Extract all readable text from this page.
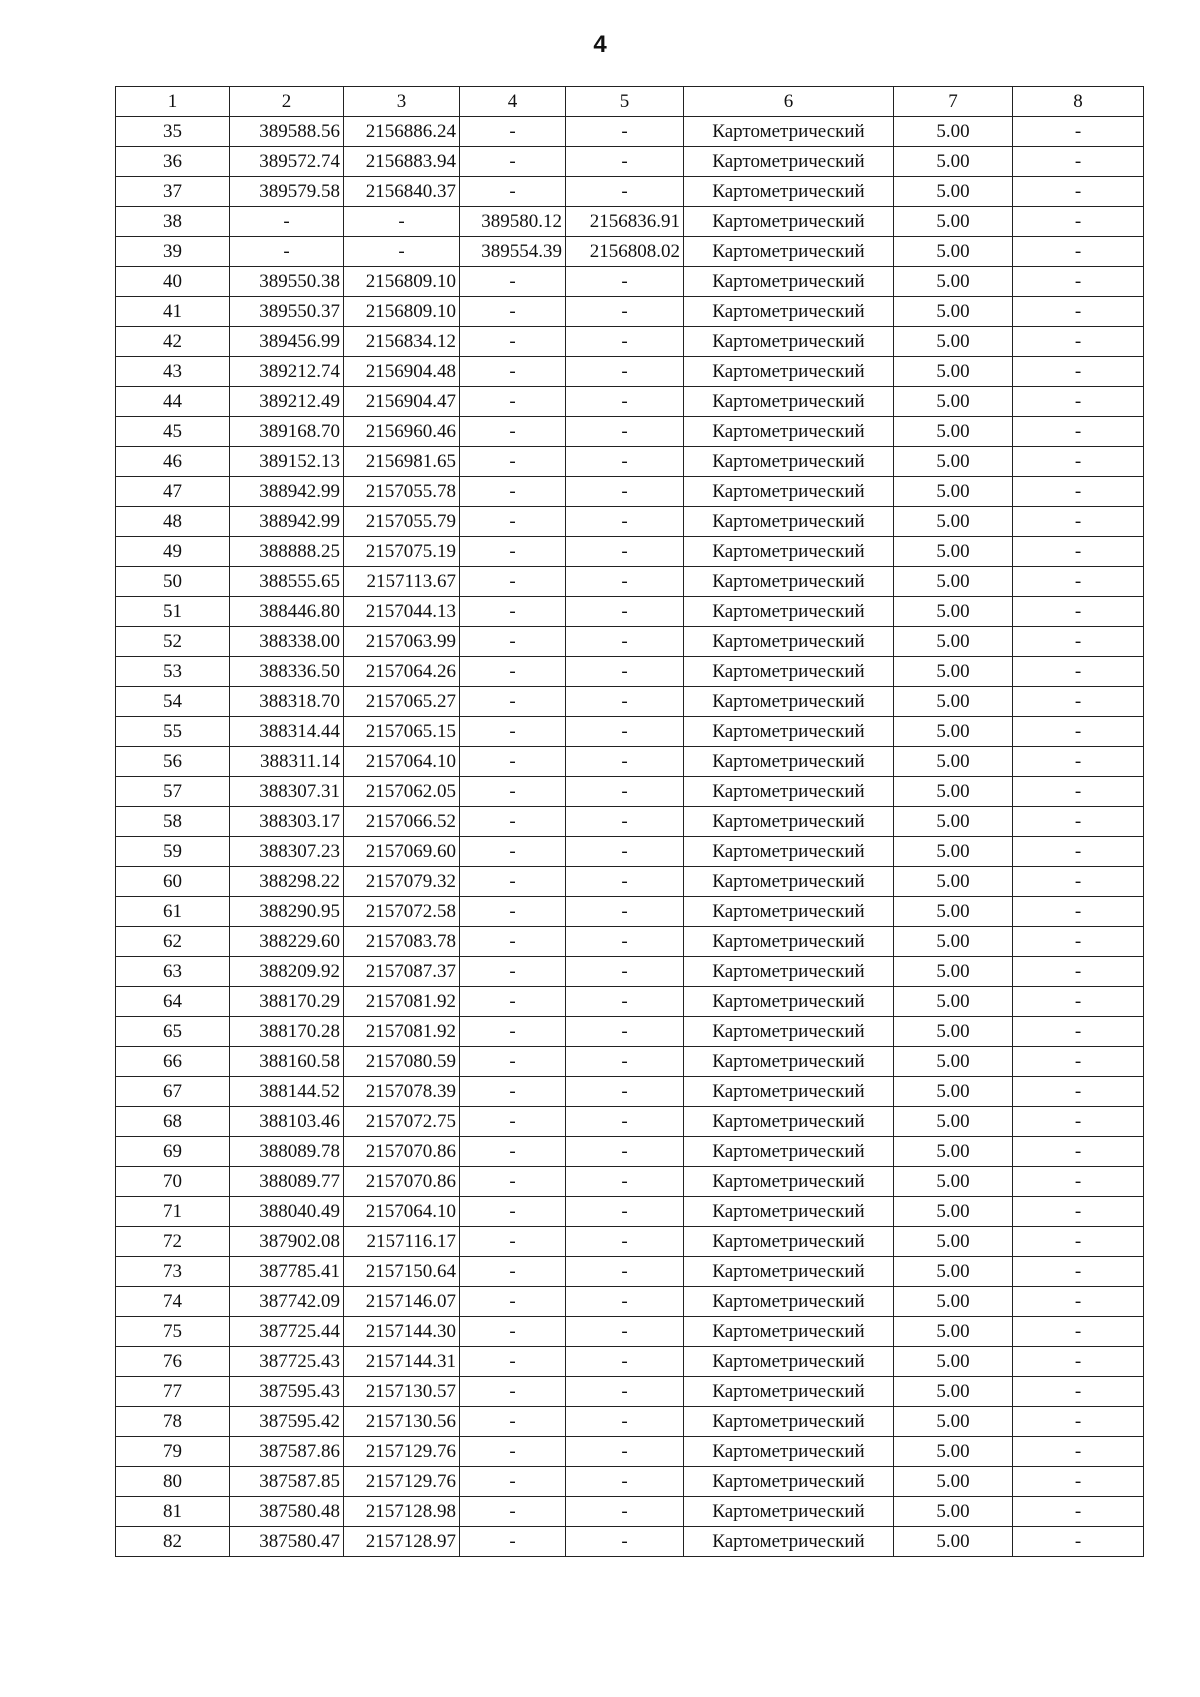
4
1	2	3	4	5	6	7	8
35	389588.56	2156886.24	-	-	Картометрический	5.00	-
36	389572.74	2156883.94	-	-	Картометрический	5.00	-
37	389579.58	2156840.37	-	-	Картометрический	5.00	-
38	-	-	389580.12	2156836.91	Картометрический	5.00	-
39	-	-	389554.39	2156808.02	Картометрический	5.00	-
40	389550.38	2156809.10	-	-	Картометрический	5.00	-
41	389550.37	2156809.10	-	-	Картометрический	5.00	-
42	389456.99	2156834.12	-	-	Картометрический	5.00	-
43	389212.74	2156904.48	-	-	Картометрический	5.00	-
44	389212.49	2156904.47	-	-	Картометрический	5.00	-
45	389168.70	2156960.46	-	-	Картометрический	5.00	-
46	389152.13	2156981.65	-	-	Картометрический	5.00	-
47	388942.99	2157055.78	-	-	Картометрический	5.00	-
48	388942.99	2157055.79	-	-	Картометрический	5.00	-
49	388888.25	2157075.19	-	-	Картометрический	5.00	-
50	388555.65	2157113.67	-	-	Картометрический	5.00	-
51	388446.80	2157044.13	-	-	Картометрический	5.00	-
52	388338.00	2157063.99	-	-	Картометрический	5.00	-
53	388336.50	2157064.26	-	-	Картометрический	5.00	-
54	388318.70	2157065.27	-	-	Картометрический	5.00	-
55	388314.44	2157065.15	-	-	Картометрический	5.00	-
56	388311.14	2157064.10	-	-	Картометрический	5.00	-
57	388307.31	2157062.05	-	-	Картометрический	5.00	-
58	388303.17	2157066.52	-	-	Картометрический	5.00	-
59	388307.23	2157069.60	-	-	Картометрический	5.00	-
60	388298.22	2157079.32	-	-	Картометрический	5.00	-
61	388290.95	2157072.58	-	-	Картометрический	5.00	-
62	388229.60	2157083.78	-	-	Картометрический	5.00	-
63	388209.92	2157087.37	-	-	Картометрический	5.00	-
64	388170.29	2157081.92	-	-	Картометрический	5.00	-
65	388170.28	2157081.92	-	-	Картометрический	5.00	-
66	388160.58	2157080.59	-	-	Картометрический	5.00	-
67	388144.52	2157078.39	-	-	Картометрический	5.00	-
68	388103.46	2157072.75	-	-	Картометрический	5.00	-
69	388089.78	2157070.86	-	-	Картометрический	5.00	-
70	388089.77	2157070.86	-	-	Картометрический	5.00	-
71	388040.49	2157064.10	-	-	Картометрический	5.00	-
72	387902.08	2157116.17	-	-	Картометрический	5.00	-
73	387785.41	2157150.64	-	-	Картометрический	5.00	-
74	387742.09	2157146.07	-	-	Картометрический	5.00	-
75	387725.44	2157144.30	-	-	Картометрический	5.00	-
76	387725.43	2157144.31	-	-	Картометрический	5.00	-
77	387595.43	2157130.57	-	-	Картометрический	5.00	-
78	387595.42	2157130.56	-	-	Картометрический	5.00	-
79	387587.86	2157129.76	-	-	Картометрический	5.00	-
80	387587.85	2157129.76	-	-	Картометрический	5.00	-
81	387580.48	2157128.98	-	-	Картометрический	5.00	-
82	387580.47	2157128.97	-	-	Картометрический	5.00	-
